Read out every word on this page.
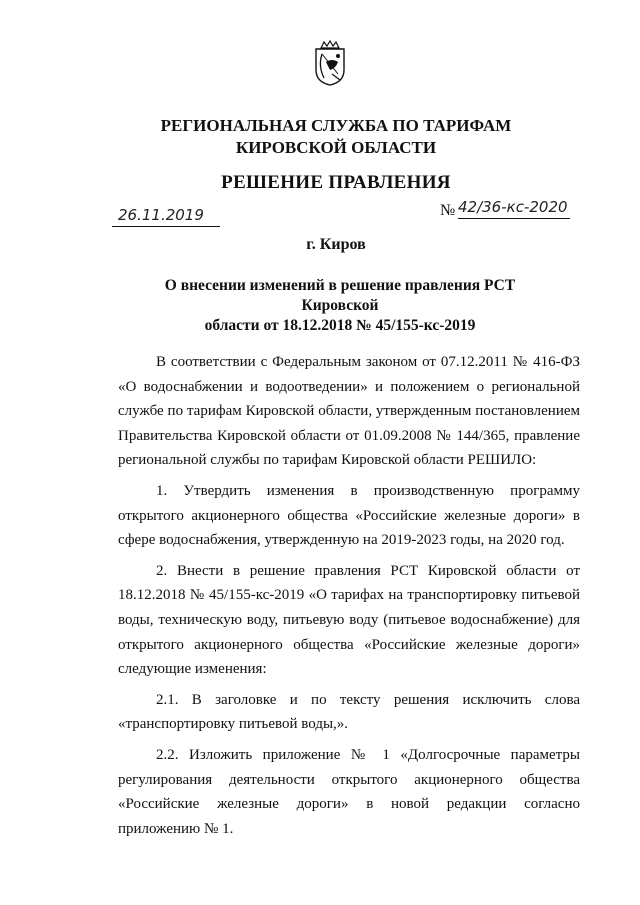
РЕГИОНАЛЬНАЯ СЛУЖБА ПО ТАРИФАМ
КИРОВСКОЙ ОБЛАСТИ
РЕШЕНИЕ ПРАВЛЕНИЯ
26.11.2019	№ 42/36-кс-2020
г. Киров
О внесении изменений в решение правления РСТ Кировской
области от 18.12.2018 № 45/155-кс-2019

В соответствии с Федеральным законом от 07.12.2011 № 416-ФЗ «О водоснабжении и водоотведении» и положением о региональной службе по тарифам Кировской области, утвержденным постановлением Правительства Кировской области от 01.09.2008 № 144/365, правление региональной службы по тарифам Кировской области РЕШИЛО:

1. Утвердить изменения в производственную программу открытого акционерного общества «Российские железные дороги» в сфере водоснабжения, утвержденную на 2019-2023 годы, на 2020 год.

2. Внести в решение правления РСТ Кировской области от 18.12.2018 № 45/155-кс-2019 «О тарифах на транспортировку питьевой воды, техническую воду, питьевую воду (питьевое водоснабжение) для открытого акционерного общества «Российские железные дороги» следующие изменения:

2.1. В заголовке и по тексту решения исключить слова «транспортировку питьевой воды,».

2.2. Изложить приложение № 1 «Долгосрочные параметры регулирования деятельности открытого акционерного общества «Российские железные дороги» в новой редакции согласно приложению № 1.
